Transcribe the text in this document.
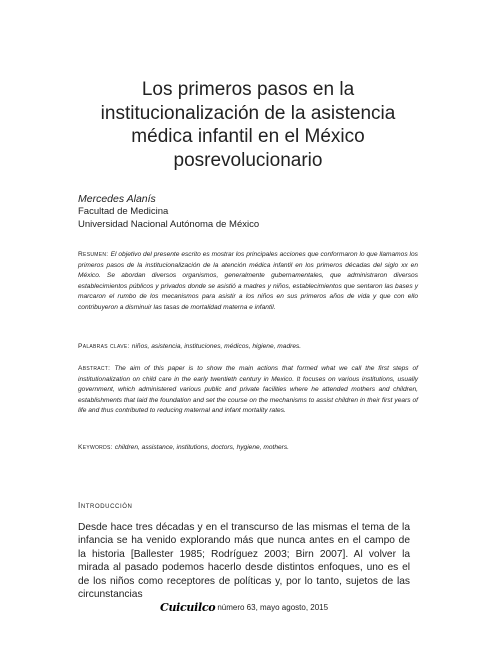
Los primeros pasos en la institucionalización de la asistencia médica infantil en el México posrevolucionario
Mercedes Alanís
Facultad de Medicina
Universidad Nacional Autónoma de México
Resumen: El objetivo del presente escrito es mostrar los principales acciones que conformaron lo que llamamos los primeros pasos de la institucionalización de la atención médica infantil en los primeros décadas del siglo xx en México. Se abordan diversos organismos, generalmente gubernamentales, que administraron diversos establecimientos públicos y privados donde se asistió a madres y niños, establecimientos que sentaron las bases y marcaron el rumbo de los mecanismos para asistir a los niños en sus primeros años de vida y que con ello contribuyeron a disminuir las tasas de mortalidad materna e infantil.
Palabras clave: niños, asistencia, instituciones, médicos, higiene, madres.
Abstract: The aim of this paper is to show the main actions that formed what we call the first steps of institutionalization on child care in the early twentieth century in Mexico. It focuses on various institutions, usually government, which administered various public and private facilities where he attended mothers and children, establishments that laid the foundation and set the course on the mechanisms to assist children in their first years of life and thus contributed to reducing maternal and infant mortality rates.
Keywords: children, assistance, institutions, doctors, hygiene, mothers.
Introducción
Desde hace tres décadas y en el transcurso de las mismas el tema de la infancia se ha venido explorando más que nunca antes en el campo de la historia [Ballester 1985; Rodríguez 2003; Birn 2007]. Al volver la mirada al pasado podemos hacerlo desde distintos enfoques, uno es el de los niños como receptores de políticas y, por lo tanto, sujetos de las circunstancias
Cuicuilco número 63, mayo agosto, 2015
